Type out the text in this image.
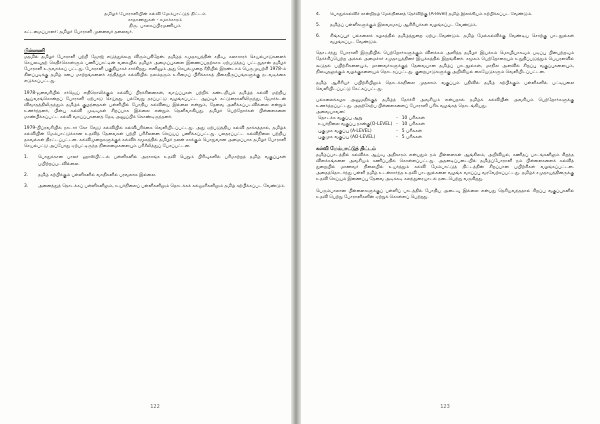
தமிழர் போராளியின் கல்வி மேம்பாட்டுத் திட்டம்

சாதாணதுகள் - சமாச்சாரம்

திரு. பாலசுப்பிரமணியம்

கட்டமைப்பாளர்: தமிழர் போராளி முனைவர் தலைவர்.

பின்னணி

மதமில் தமிழர் போராளி பற்றி ஜோஜ் எடுத்துக்கூற விரும்புகிறேன். தமிழ்த் சமுதாயத்தின் சதிவு, கலாசாரச் செயல்பாடுகளைச் செயலவுதற் கெதிர்கொள்ளும் பணிப்பாட்டின் வகையில் தமிழர் அமைப்புகளை இணைப்பதற்காக ஏற்படுத்தப் பட்டதுதான் தமிழர் போராளி உருவாக்கப் பட்டது. போராளி பகுதியாகச் சார்கிறது. எனினும் அது செயல்முறை ரீதியில் இரண்டாம் பெருமுயற்சி 1978-ம் கிளப்புடிக்கு தமிழ் சபை மாற்றங்களைச் சந்தித்துக் கல்வியில் நலம்தரும் உரிமைப் பிரிக்காகத் திசைதிருப்பங்களுக்கு நடவடிக்கை எடுக்கப்பட்டது.

1978-ஜனவரியில் சர்ஜெய் எதிரொலிக்கும் கல்விப் பிரச்சினைகள், வாய்ப்புகள் பற்றிக் கண்டறியும் தமிழ்த் கல்வி மற்றிய ஆய்வரங்கொன்றப் போராளி ஏற்பாடு செய்தது. பல்வேறு தரப்பட்டு வழங்கப்பட்ட ஆய்வுக் கட்டுரைகளிலிருந்து, ஜோர்க்டன் விவாதத்திலிருந்தும் தமிழ்க் குழந்தைகள் பள்ளியில் போதிய கல்வியை இல்லை என்றும், தேவை அளிக்கப்படவில்லை என்றும் உணர்ந்தனர், பின்பு கல்வி முடிவுகள் சிறப்பாக இல்லை என்றும் தெளிவாகியது. தமிழர் பெற்றோர்கள் பிள்ளைகளை மாண்பிக்கப்பட்ட கல்வி வாய்ப்புகளைத் தேடி அனுப்பிக் கொண்டிருந்தனர்.

1979-பிப்ரவரியில் நாடார் கோ வேடு கல்வியில் கல்விபுரிக்கை வெளியிடப்பட்டது. அது ஏற்படுத்திய கல்வி தாக்கத்தால், தமிழ்க் கல்வியின் மேம்பாட்டுக்கான உதவித் தேவைகள் பற்றி பரிசீலனை செய்யப் பணிக்கப்பட்டது. பலதரப்பட்ட கல்விநிலை பற்றிய தகவல்கள் திரட்டப்பட்டன. கல்விமுறைகளுக்குக் கல்விச் சமூகத்தில் தமிழர் நலன் காக்கும் பொதுவான அமைப்பாக தமிழர் போராளி செயல்பட்டு அப்போது ஏற்பட்டிருந்த நிலைமைகளையும் பரிசீலித்துப் பேசப்பட்டன.

1.	பொதுக்கான பாலர் ஹாஸ்பிட்டல் பள்ளிகளில் அரசாங்க உதவி பெறும் பிரிவுகளில் பரிமாற்றத் தமிழ் வகுப்புகள் பயிற்றப்படவில்லை.
2.	தமிழ் கற்பிக்கும் பள்ளிகளில் வசதிகளில் பரவலாக இல்லை.
3.	அனைத்துத் தொடக்கப் பள்ளிகளிலும், உயர்நிலைப் பள்ளிகளிலும் தொடக்கக் கல்லூரிகளிலும் தமிழ் கற்பிக்கப்பட வேண்டும்.
122
4.	பொதுக்கல்விச் சான்றிதழ் மேல்நிலைத் தேர்விற்கு (A-level) தமிழ் இலக்கியம் கற்பிக்கப்பட வேண்டும்.
5.	தமிழ்ப் பள்ளிகளுக்கும் இலவசமாய் ஆசிரியர்கள் வழங்கப்பட வேண்டும்.
6.	சிங்கப்பூர் பல்கலைக் கழகத்தில் தமிழ்த்துறை ஏற்படவேண்டும். தமிழ் மேல்கல்விக்கு வேண்டிய சொற்கு பாடநூல்கள் வழங்கப்பட வேண்டும்.

தொடர்ந்து போராளி இருதியில் பெற்றோர்களுக்கும் விளக்கம் அளித்த தமிழர் இயக்கம் மொழியாகவும் படிப்பு பின்பற்றவும் தேர்ச்சிப்பெற்ற அக்கல் அமைச்சர் சமுதாயத்தினர் இயக்கத்தில் இறங்கினர். சமூகம் பெற்றோரையும் உறுதிப்படுத்தும் பெயரளவில் கூடுதல் பயிற்சிகளையும், மாணவர்களுக்குத் தேவையான தமிழ்ப் பாடநூல்கள், மாநில அளவில் சிறப்பு வகுப்புகளையும், நிலவுதலுக்கும் வழக்குகளையும் தொடரப்பட்டது. குறைபாடுகளுக்கு அறிவியல் கையேடுகளும் வெளியிடப்பட்டன.

தமிழ் ஆசிரியர் பயிற்சியிலும் தொடக்கநிலை முதலாம் வகுப்பும் பதிவில் தமிழ் கற்பிக்கும் பள்ளிகளில் பட்டியலை வெளியிடப்பட்டு கேட்கப்பட்டது.

பல்கலைக்கழக அனுமதிக்குத் தமிழ்த் தேர்ச்சி அவசியம் என்பதால் தமிழ்க் கல்வியின் அவசியம் பெற்றோர்களுக்கு உணர்த்தப்பட்டது. அதற்கேற்ப பிள்ளைகளைப் போராளி பரிசு வழங்கத் தொடங்கியது.

அவையாவன:

தொடக்க வகுப்பு ஆறு	-	10 பரிசுகள்
உயர்நிலை வகுப்பு நான்கு(O-LEVEL)	-	10 பரிசுகள்
புகுமுக வகுப்பு (A-LEVEL)	-	5 பரிசுகள்
புகுமுக வகுப்பு (AO-LEVEL)	-	5 பரிசுகள்

கல்வி மேம்பாட்டுத் திட்டம்

தமிழ்ப்பாடத்தில் கல்விக்க ஆய்வு அதிகாரம் என்பதும் நம் பிள்ளைகள் ஆங்கிலம், அறிவியல், கணிதப் பாடங்களிலும் சிறந்த விளக்கங்களை அவசியம் கணிப்பதில் கொள்ளப்பட்டது. அதனடிப்படையில் தமிழ்ப்போராளி நம் பிள்ளைகளைக் கல்வித் துறையில் மாணவர் நிலையில் உயர்த்தும் கல்வி மேம்பாட்டுத் திட்டத்தின் சிறப்பான பயிற்சிகள் வழங்கப்பட்டன. அதைத்தொடர்ந்து பள்ளி தமிழ் உடன்சார்ந்த உதவி பாடநூல்களை வழங்க வாய்ப்பு வரவேற்கப்பட்டது. தமிழ்ச் சமுதாயத்தினருக்கு உதவி செய்யும் இணைப்பு தேவை அடிக்கடி கலந்துரையாடல் நடைபெற்று வருகிறது.

பெரும்பாலான பிள்ளைகளுக்குப் பள்ளிப் பாடத்தில் போதிய அடைவு இல்லை என்பது தெரியவந்ததால் சிறப்பு வகுப்புகளில் உதவி பெற்று போராளிகளின் ஏற்றுக் கொள்ளப் பெற்றது.

123
